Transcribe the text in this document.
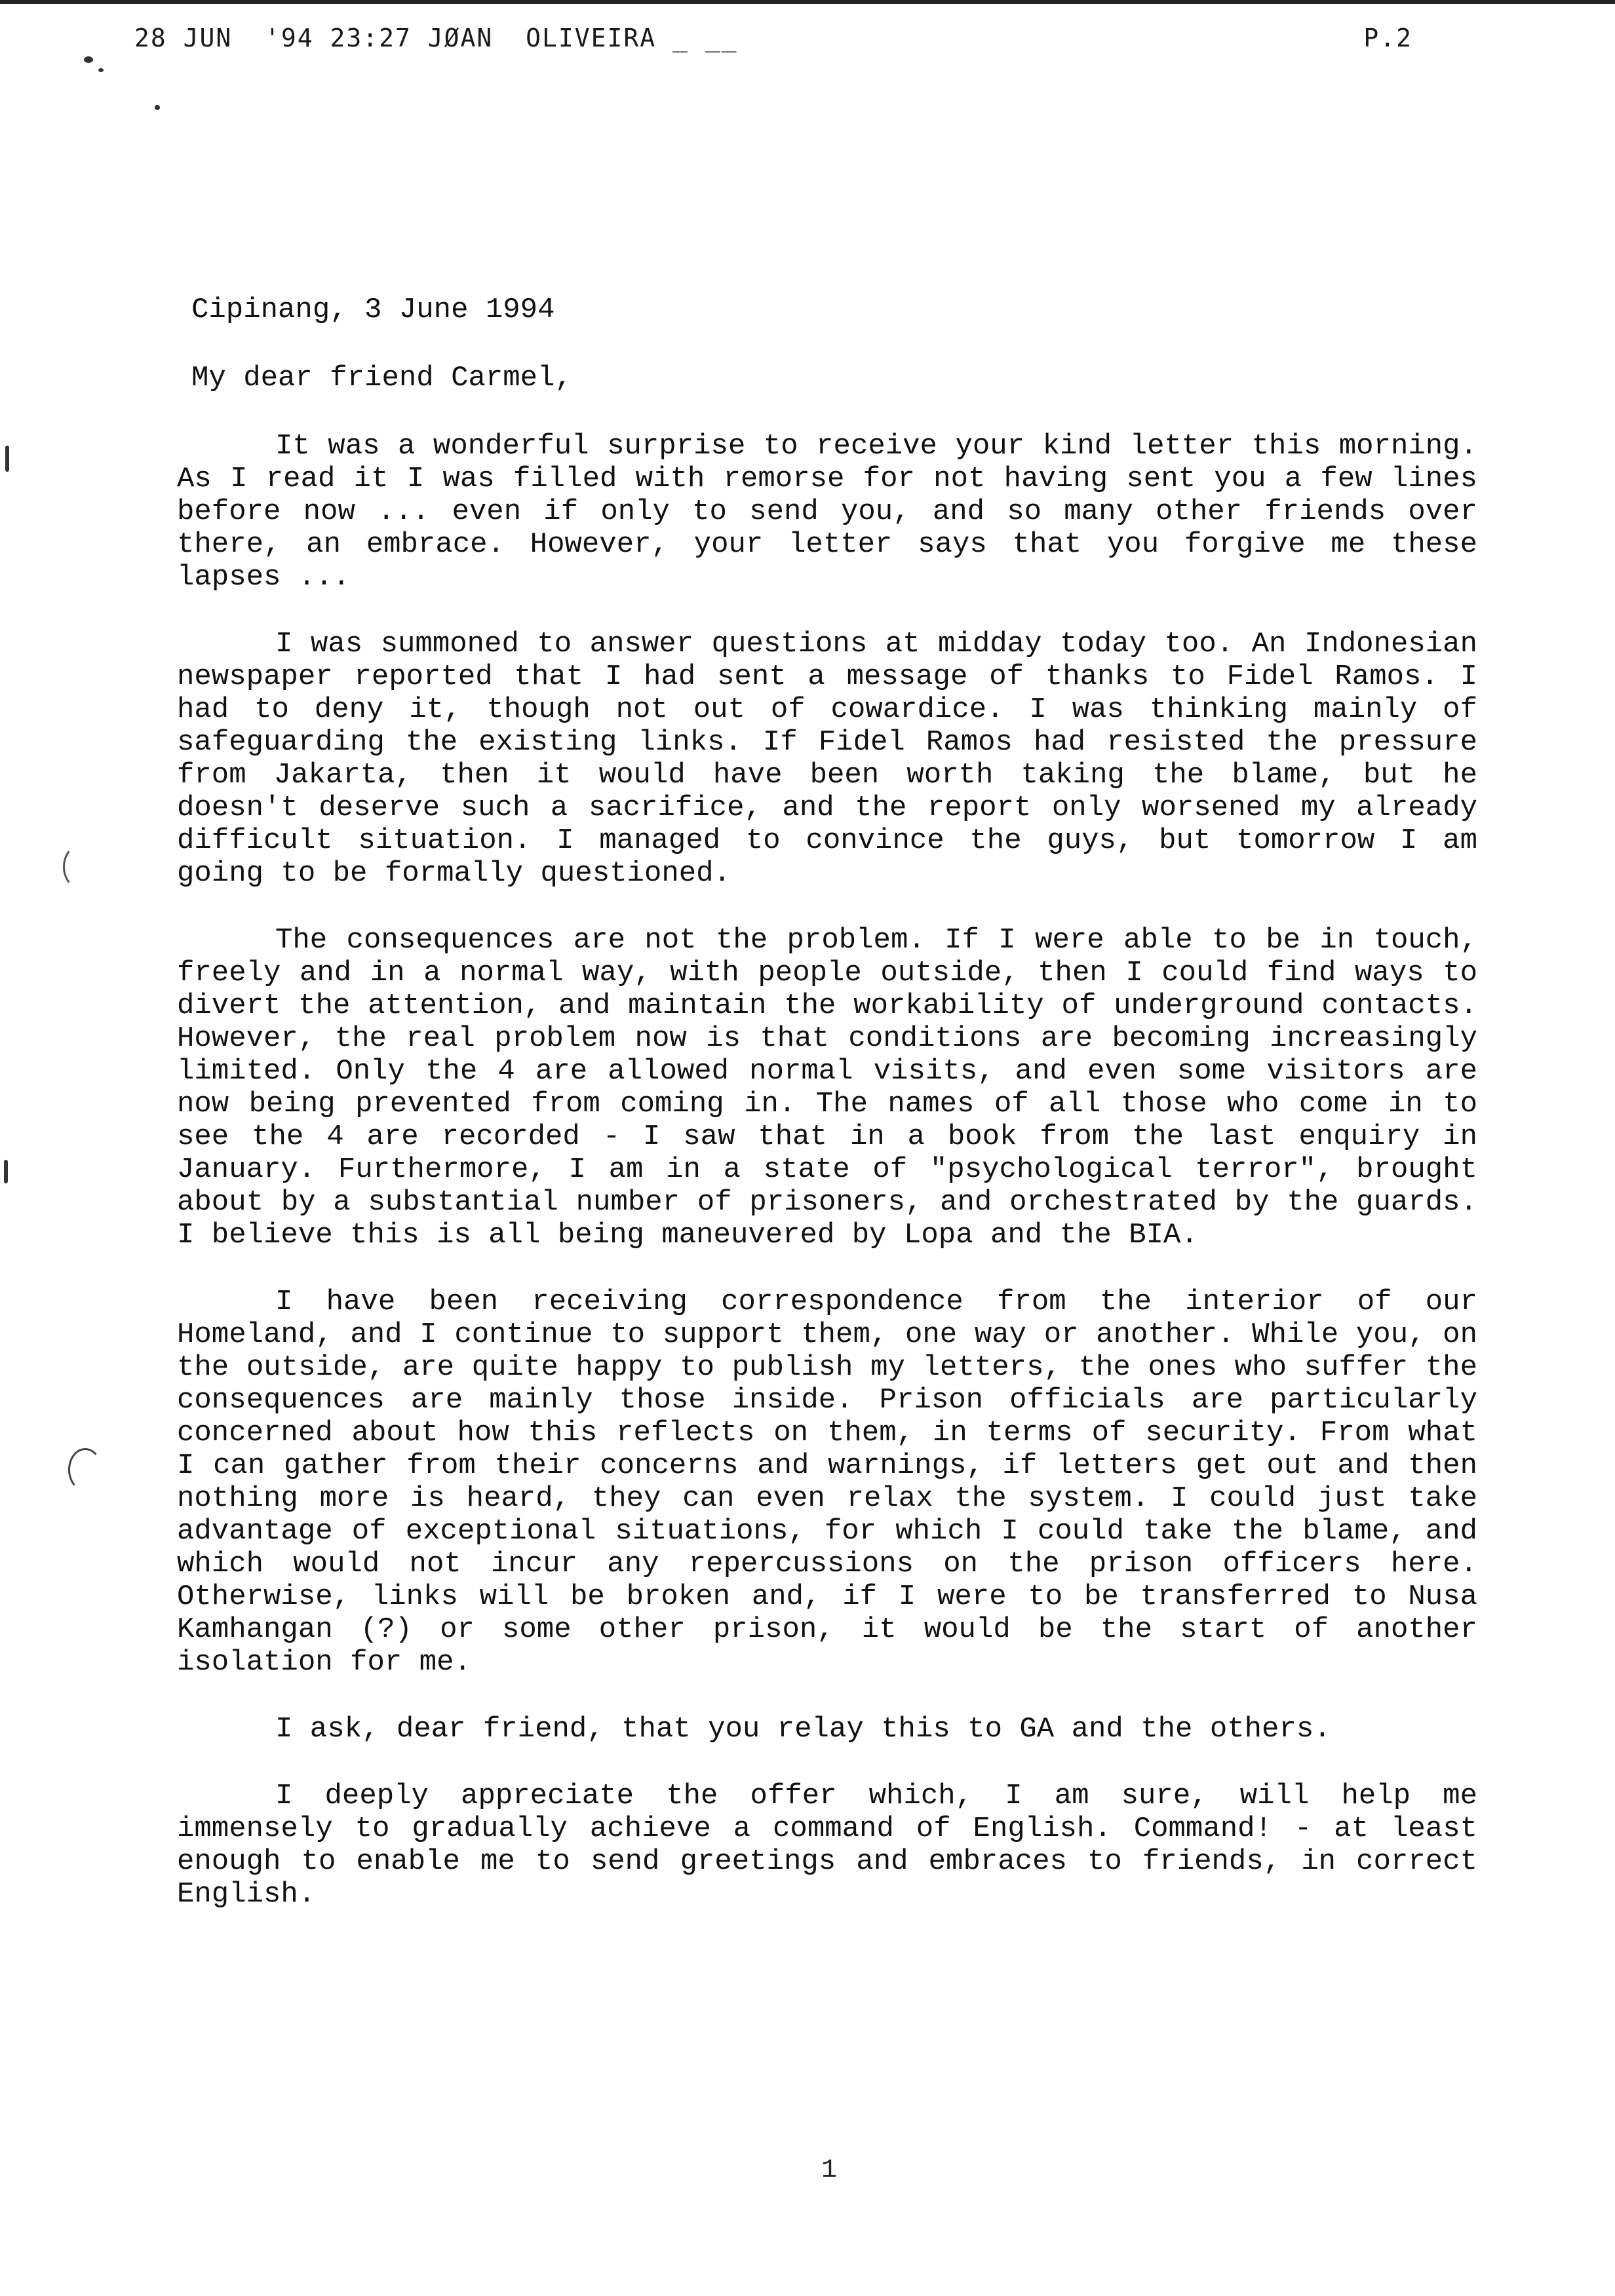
28 JUN  '94 23:27 JØAN  OLIVEIRA _ __	P.2
Cipinang, 3 June 1994
My dear friend Carmel,

It was a wonderful surprise to receive your kind letter this morning. As I read it I was filled with remorse for not having sent you a few lines before now ... even if only to send you, and so many other friends over there, an embrace. However, your letter says that you forgive me these lapses ...

I was summoned to answer questions at midday today too. An Indonesian newspaper reported that I had sent a message of thanks to Fidel Ramos. I had to deny it, though not out of cowardice. I was thinking mainly of safeguarding the existing links. If Fidel Ramos had resisted the pressure from Jakarta, then it would have been worth taking the blame, but he doesn't deserve such a sacrifice, and the report only worsened my already difficult situation. I managed to convince the guys, but tomorrow I am going to be formally questioned.

The consequences are not the problem. If I were able to be in touch, freely and in a normal way, with people outside, then I could find ways to divert the attention, and maintain the workability of underground contacts. However, the real problem now is that conditions are becoming increasingly limited. Only the 4 are allowed normal visits, and even some visitors are now being prevented from coming in. The names of all those who come in to see the 4 are recorded - I saw that in a book from the last enquiry in January. Furthermore, I am in a state of "psychological terror", brought about by a substantial number of prisoners, and orchestrated by the guards. I believe this is all being maneuvered by Lopa and the BIA.

I have been receiving correspondence from the interior of our Homeland, and I continue to support them, one way or another. While you, on the outside, are quite happy to publish my letters, the ones who suffer the consequences are mainly those inside. Prison officials are particularly concerned about how this reflects on them, in terms of security. From what I can gather from their concerns and warnings, if letters get out and then nothing more is heard, they can even relax the system. I could just take advantage of exceptional situations, for which I could take the blame, and which would not incur any repercussions on the prison officers here. Otherwise, links will be broken and, if I were to be transferred to Nusa Kamhangan (?) or some other prison, it would be the start of another isolation for me.

I ask, dear friend, that you relay this to GA and the others.

I deeply appreciate the offer which, I am sure, will help me immensely to gradually achieve a command of English. Command! - at least enough to enable me to send greetings and embraces to friends, in correct English.

1
